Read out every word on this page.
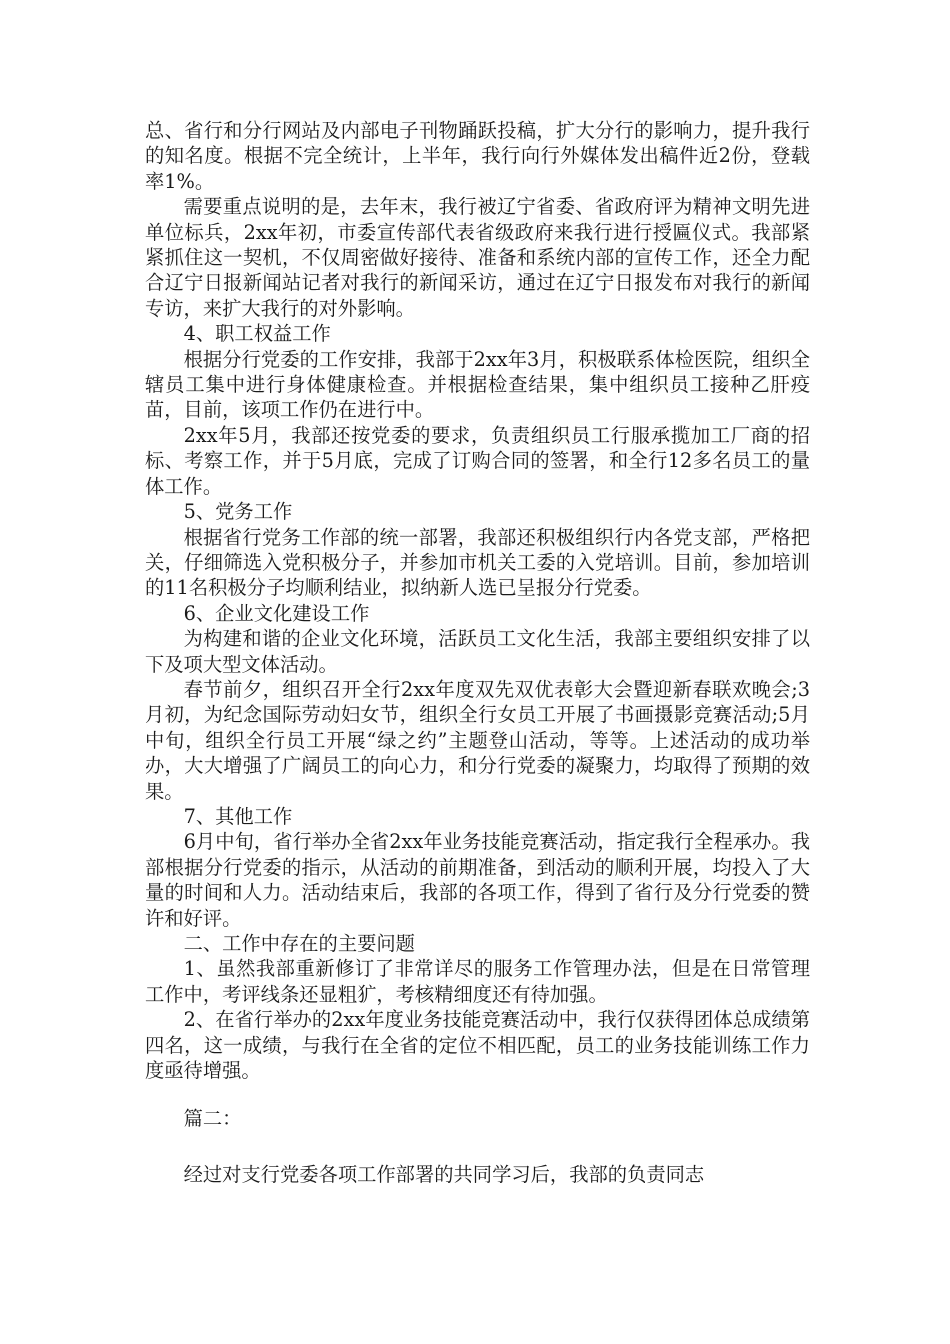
总、省行和分行网站及内部电子刊物踊跃投稿，扩大分行的影响力，提升我行的知名度。根据不完全统计，上半年，我行向行外媒体发出稿件近2份，登载率1%。

需要重点说明的是，去年末，我行被辽宁省委、省政府评为精神文明先进单位标兵，2xx年初，市委宣传部代表省级政府来我行进行授匾仪式。我部紧紧抓住这一契机，不仅周密做好接待、准备和系统内部的宣传工作，还全力配合辽宁日报新闻站记者对我行的新闻采访，通过在辽宁日报发布对我行的新闻专访，来扩大我行的对外影响。

4、职工权益工作

根据分行党委的工作安排，我部于2xx年3月，积极联系体检医院，组织全辖员工集中进行身体健康检查。并根据检查结果，集中组织员工接种乙肝疫苗，目前，该项工作仍在进行中。

2xx年5月，我部还按党委的要求，负责组织员工行服承揽加工厂商的招标、考察工作，并于5月底，完成了订购合同的签署，和全行12多名员工的量体工作。

5、党务工作

根据省行党务工作部的统一部署，我部还积极组织行内各党支部，严格把关，仔细筛选入党积极分子，并参加市机关工委的入党培训。目前，参加培训的11名积极分子均顺利结业，拟纳新人选已呈报分行党委。

6、企业文化建设工作

为构建和谐的企业文化环境，活跃员工文化生活，我部主要组织安排了以下及项大型文体活动。

春节前夕，组织召开全行2xx年度双先双优表彰大会暨迎新春联欢晚会;3月初，为纪念国际劳动妇女节，组织全行女员工开展了书画摄影竞赛活动;5月中旬，组织全行员工开展“绿之约”主题登山活动，等等。上述活动的成功举办，大大增强了广阔员工的向心力，和分行党委的凝聚力，均取得了预期的效果。

7、其他工作

6月中旬，省行举办全省2xx年业务技能竞赛活动，指定我行全程承办。我部根据分行党委的指示，从活动的前期准备，到活动的顺利开展，均投入了大量的时间和人力。活动结束后，我部的各项工作，得到了省行及分行党委的赞许和好评。

二、工作中存在的主要问题

1、虽然我部重新修订了非常详尽的服务工作管理办法，但是在日常管理工作中，考评线条还显粗犷，考核精细度还有待加强。

2、在省行举办的2xx年度业务技能竞赛活动中，我行仅获得团体总成绩第四名，这一成绩，与我行在全省的定位不相匹配，员工的业务技能训练工作力度亟待增强。

篇二：

经过对支行党委各项工作部署的共同学习后，我部的负责同志
